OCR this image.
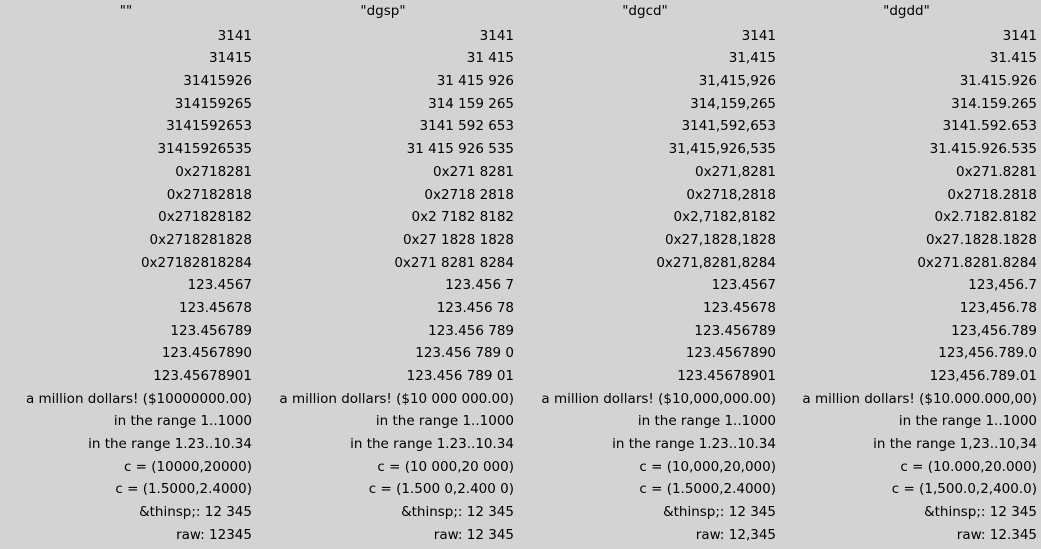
""
3141
31415
31415926
314159265
3141592653
31415926535
0x2718281
0x27182818
0x271828182
0x2718281828
0x27182818284
123.4567
123.45678
123.456789
123.4567890
123.45678901
a million dollars! ($10000000.00)
in the range 1..1000
in the range 1.23..10.34
c = (10000,20000)
c = (1.5000,2.4000)
&thinsp;: 12 345
raw: 12345
"dgsp"
3141
31 415
31 415 926
314 159 265
3141 592 653
31 415 926 535
0x271 8281
0x2718 2818
0x2 7182 8182
0x27 1828 1828
0x271 8281 8284
123.456 7
123.456 78
123.456 789
123.456 789 0
123.456 789 01
a million dollars! ($10 000 000.00)
in the range 1..1000
in the range 1.23..10.34
c = (10 000,20 000)
c = (1.500 0,2.400 0)
&thinsp;: 12 345
raw: 12 345
"dgcd"
3141
31,415
31,415,926
314,159,265
3141,592,653
31,415,926,535
0x271,8281
0x2718,2818
0x2,7182,8182
0x27,1828,1828
0x271,8281,8284
123.4567
123.45678
123.456789
123.4567890
123.45678901
a million dollars! ($10,000,000.00)
in the range 1..1000
in the range 1.23..10.34
c = (10,000,20,000)
c = (1.5000,2.4000)
&thinsp;: 12 345
raw: 12,345
"dgdd"
3141
31.415
31.415.926
314.159.265
3141.592.653
31.415.926.535
0x271.8281
0x2718.2818
0x2.7182.8182
0x27.1828.1828
0x271.8281.8284
123,456.7
123,456.78
123,456.789
123,456.789.0
123,456.789.01
a million dollars! ($10.000.000,00)
in the range 1..1000
in the range 1,23..10,34
c = (10.000,20.000)
c = (1,500.0,2,400.0)
&thinsp;: 12 345
raw: 12.345
